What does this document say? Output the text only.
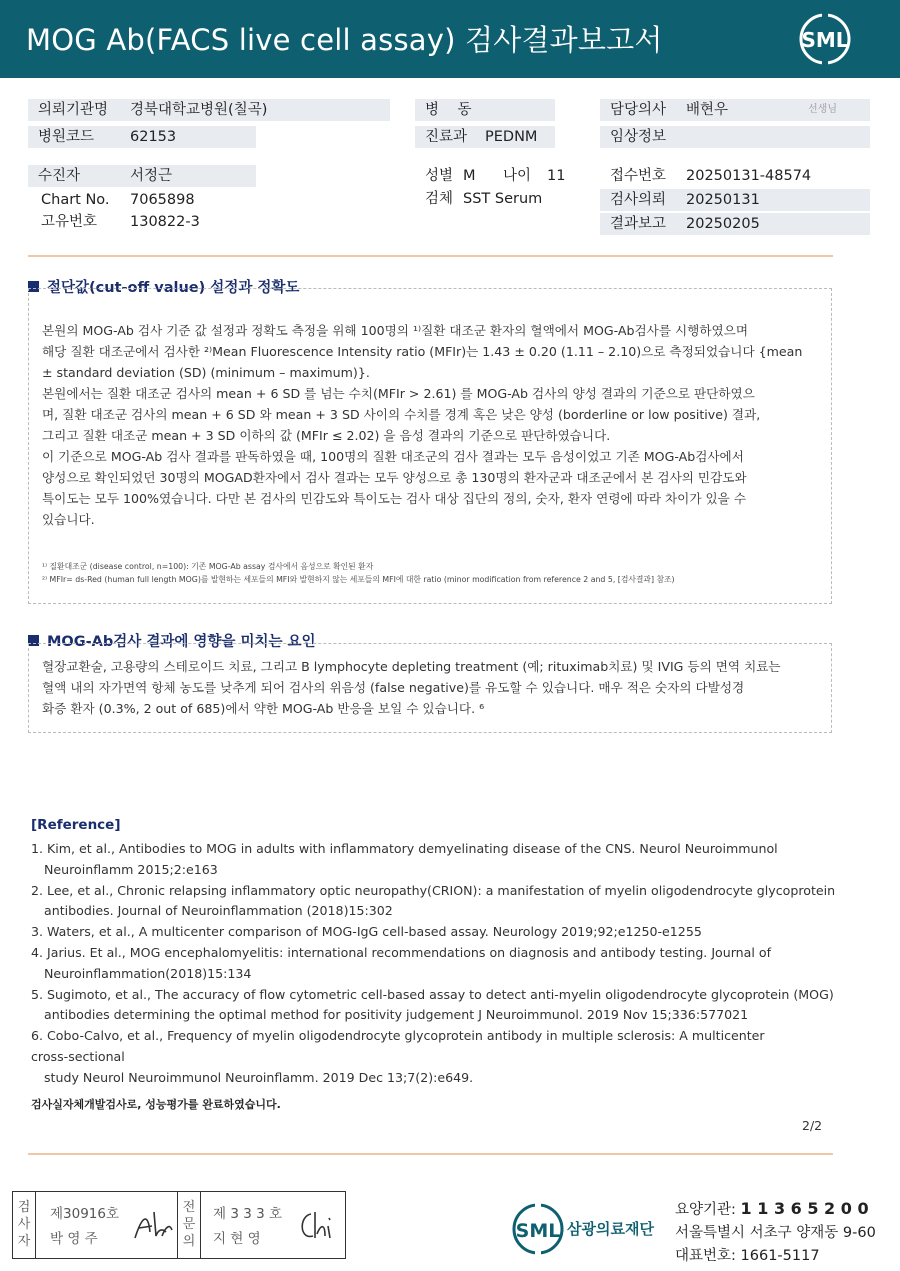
MOG Ab(FACS live cell assay) 검사결과보고서	SML
의뢰기관명 경북대학교병원(칠곡)
병원코드 62153
병    동
진료과 PEDNM
담당의사 배현우	선생님
임상정보
수진자	서정근
Chart No. 7065898
고유번호 130822-3
성별 M 나이 11
검체 SST Serum
접수번호 20250131-48574
검사의뢰 20250131
결과보고 20250205
절단값(cut-off value) 설정과 정확도

본원의 MOG-Ab 검사 기준 값 설정과 정확도 측정을 위해 100명의 ¹⁾질환 대조군 환자의 혈액에서 MOG-Ab검사를 시행하였으며

해당 질환 대조군에서 검사한 ²⁾Mean Fluorescence Intensity ratio (MFIr)는 1.43 ± 0.20 (1.11 – 2.10)으로 측정되었습니다 {mean

± standard deviation (SD) (minimum – maximum)}.

본원에서는 질환 대조군 검사의 mean + 6 SD 를 넘는 수치(MFIr > 2.61) 를 MOG-Ab 검사의 양성 결과의 기준으로 판단하였으

며, 질환 대조군 검사의 mean + 6 SD 와 mean + 3 SD 사이의 수치를 경계 혹은 낮은 양성 (borderline or low positive) 결과,

그리고 질환 대조군 mean + 3 SD 이하의 값 (MFIr ≤ 2.02) 을 음성 결과의 기준으로 판단하였습니다.

이 기준으로 MOG-Ab 검사 결과를 판독하였을 때, 100명의 질환 대조군의 검사 결과는 모두 음성이었고 기존 MOG-Ab검사에서

양성으로 확인되었던 30명의 MOGAD환자에서 검사 결과는 모두 양성으로 총 130명의 환자군과 대조군에서 본 검사의 민감도와

특이도는 모두 100%였습니다. 다만 본 검사의 민감도와 특이도는 검사 대상 집단의 정의, 숫자, 환자 연령에 따라 차이가 있을 수

있습니다.

¹⁾ 질환대조군 (disease control, n=100): 기존 MOG-Ab assay 검사에서 음성으로 확인된 환자
²⁾ MFIr= ds-Red (human full length MOG)를 발현하는 세포들의 MFI와 발현하지 않는 세포들의 MFI에 대한 ratio (minor modification from reference 2 and 5, [검사결과] 참조)
MOG-Ab검사 결과에 영향을 미치는 요인

혈장교환술, 고용량의 스테로이드 치료, 그리고 B lymphocyte depleting treatment (예; rituximab치료) 및 IVIG 등의 면역 치료는

혈액 내의 자가면역 항체 농도를 낮추게 되어 검사의 위음성 (false negative)를 유도할 수 있습니다. 매우 적은 숫자의 다발성경

화증 환자 (0.3%, 2 out of 685)에서 약한 MOG-Ab 반응을 보일 수 있습니다. ⁶

[Reference]
1. Kim, et al., Antibodies to MOG in adults with inflammatory demyelinating disease of the CNS. Neurol Neuroimmunol
Neuroinflamm 2015;2:e163
2. Lee, et al., Chronic relapsing inflammatory optic neuropathy(CRION): a manifestation of myelin oligodendrocyte glycoprotein
antibodies. Journal of Neuroinflammation (2018)15:302
3. Waters, et al., A multicenter comparison of MOG-IgG cell-based assay. Neurology 2019;92;e1250-e1255
4. Jarius. Et al., MOG encephalomyelitis: international recommendations on diagnosis and antibody testing. Journal of
Neuroinflammation(2018)15:134
5. Sugimoto, et al., The accuracy of flow cytometric cell-based assay to detect anti-myelin oligodendrocyte glycoprotein (MOG)
antibodies determining the optimal method for positivity judgement J Neuroimmunol. 2019 Nov 15;336:577021
6. Cobo-Calvo, et al., Frequency of myelin oligodendrocyte glycoprotein antibody in multiple sclerosis: A multicenter
cross-sectional
study Neurol Neuroimmunol Neuroinflamm. 2019 Dec 13;7(2):e649.
검사실자체개발검사로, 성능평가를 완료하였습니다.
2/2
검
사
자
제30916호
박 영 주
전
문
의
제 3 3 3 호
지 현 영	SML 삼광의료재단
요양기관: 1 1 3 6 5 2 0 0
서울특별시 서초구 양재동 9-60
대표번호: 1661-5117
